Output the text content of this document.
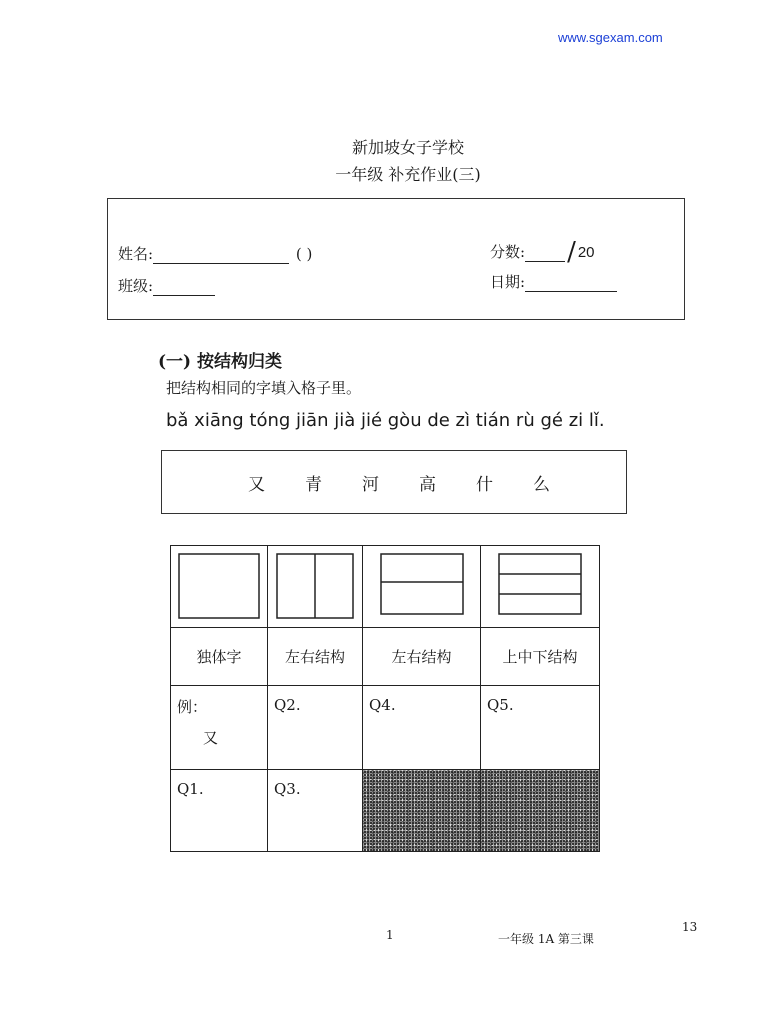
www.sgexam.com
新加坡女子学校
一年级 补充作业(三)
姓名:	( )
班级:
分数: / 20
日期:
(一) 按结构归类
把结构相同的字填入格子里。
bǎ xiāng tóng jiān jià jié gòu de zì tián rù gé zi lǐ.
又 青 河 高 什 么

独体字	左右结构	左右结构	上中下结构

例：
又	Q2.	Q4.	Q5.

Q1.	Q3.		

1	一年级 1A 第三课
13
